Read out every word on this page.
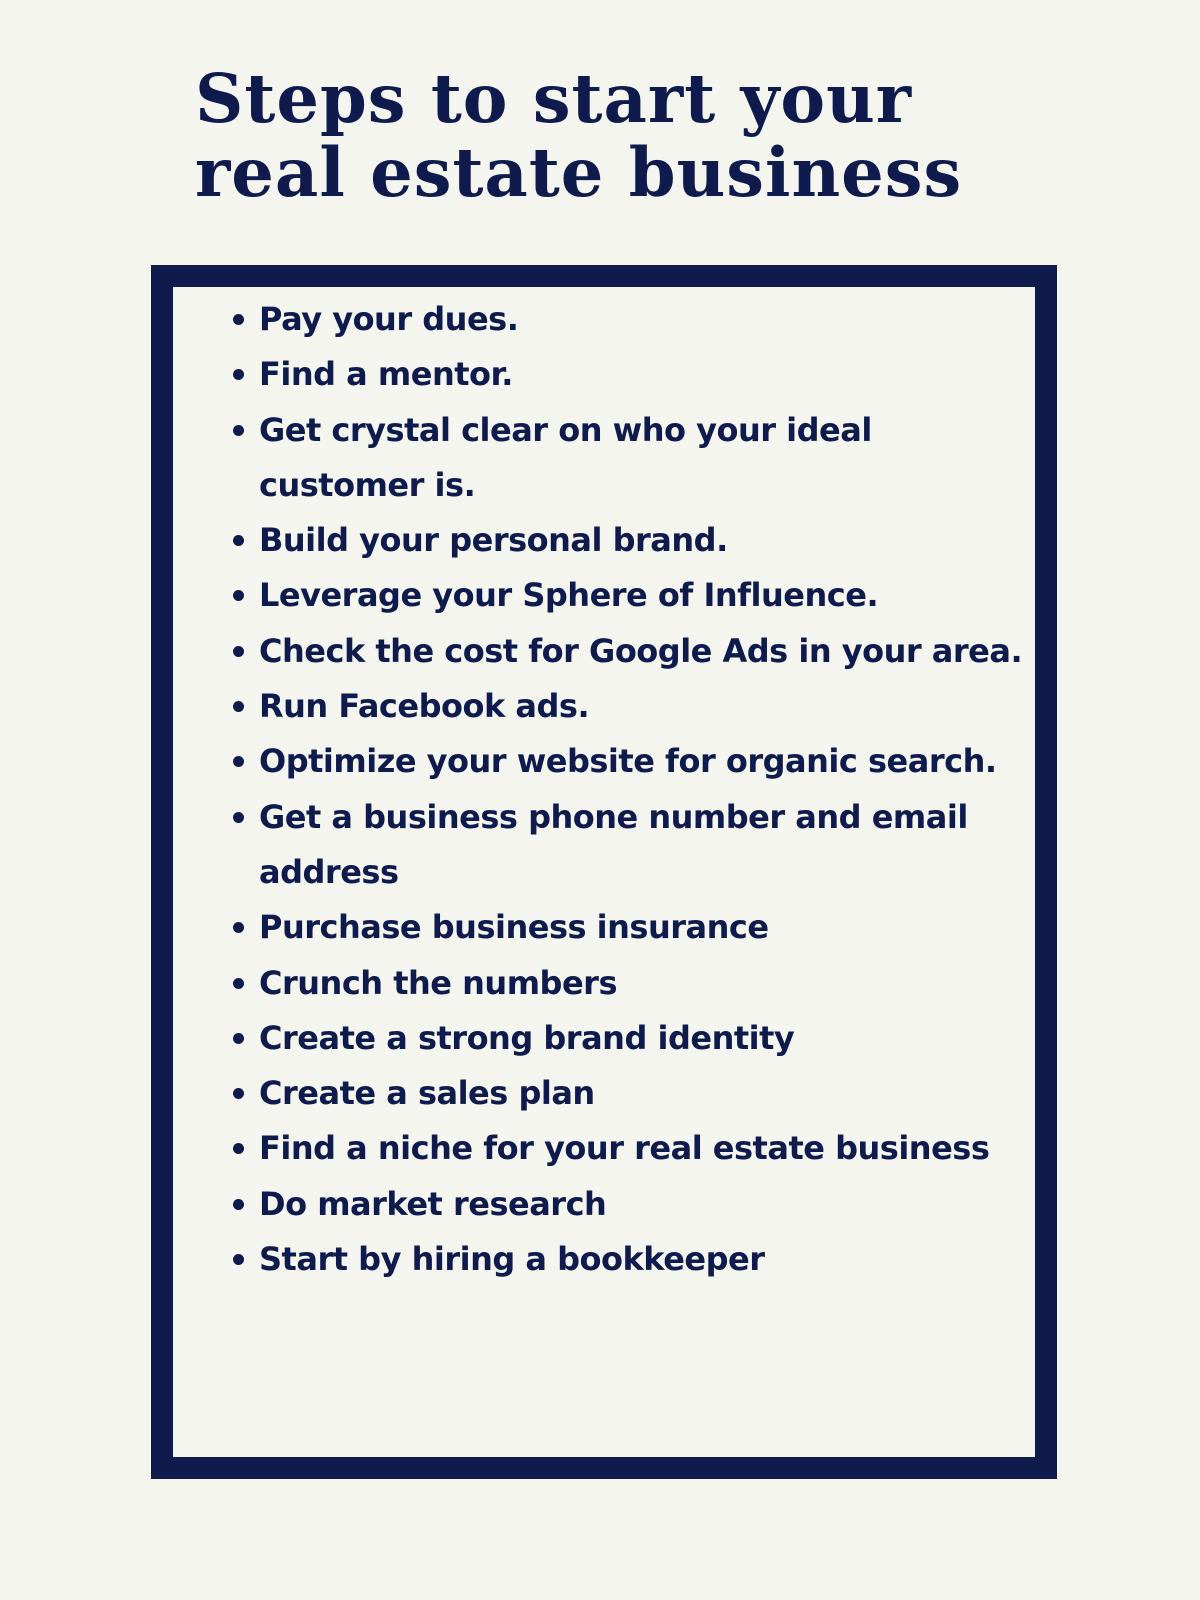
Steps to start your
real estate business
Pay your dues.
Find a mentor.
Get crystal clear on who your ideal customer is.
Build your personal brand.
Leverage your Sphere of Influence.
Check the cost for Google Ads in your area.
Run Facebook ads.
Optimize your website for organic search.
Get a business phone number and email address
Purchase business insurance
Crunch the numbers
Create a strong brand identity
Create a sales plan
Find a niche for your real estate business
Do market research
Start by hiring a bookkeeper
